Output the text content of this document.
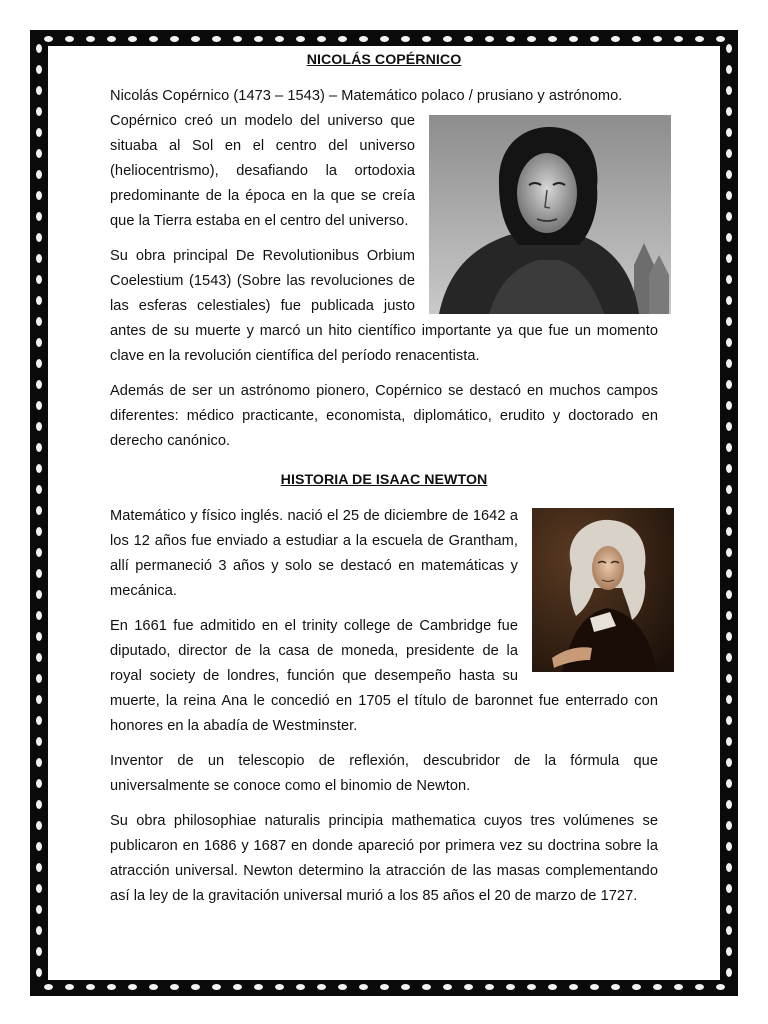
NICOLÁS COPÉRNICO

Nicolás Copérnico (1473 – 1543) – Matemático polaco / prusiano y astrónomo.

Copérnico creó un modelo del universo que situaba al Sol en el centro del universo (heliocentrismo), desafiando la ortodoxia predominante de la época en la que se creía que la Tierra estaba en el centro del universo.

Su obra principal De Revolutionibus Orbium Coelestium (1543) (Sobre las revoluciones de las esferas celestiales) fue publicada justo antes de su muerte y marcó un hito científico importante ya que fue un momento clave en la revolución científica del período renacentista.

Además de ser un astrónomo pionero, Copérnico se destacó en muchos campos diferentes: médico practicante, economista, diplomático, erudito y doctorado en derecho canónico.

HISTORIA DE ISAAC NEWTON

Matemático y físico inglés. nació el 25 de diciembre de 1642 a los 12 años fue enviado a estudiar a la escuela de Grantham, allí permaneció 3 años y solo se destacó en matemáticas y mecánica.

En 1661 fue admitido en el trinity college de Cambridge fue diputado, director de la casa de moneda, presidente de la royal society de londres, función que desempeño hasta su muerte, la reina Ana le concedió en 1705 el título de baronnet fue enterrado con honores en la abadía de Westminster.

Inventor de un telescopio de reflexión, descubridor de la fórmula que universalmente se conoce como el binomio de Newton.

Su obra philosophiae naturalis principia mathematica cuyos tres volúmenes se publicaron en 1686 y 1687 en donde apareció por primera vez su doctrina sobre la atracción universal. Newton determino la atracción de las masas complementando así la ley de la gravitación universal murió a los 85 años el 20 de marzo de 1727.
